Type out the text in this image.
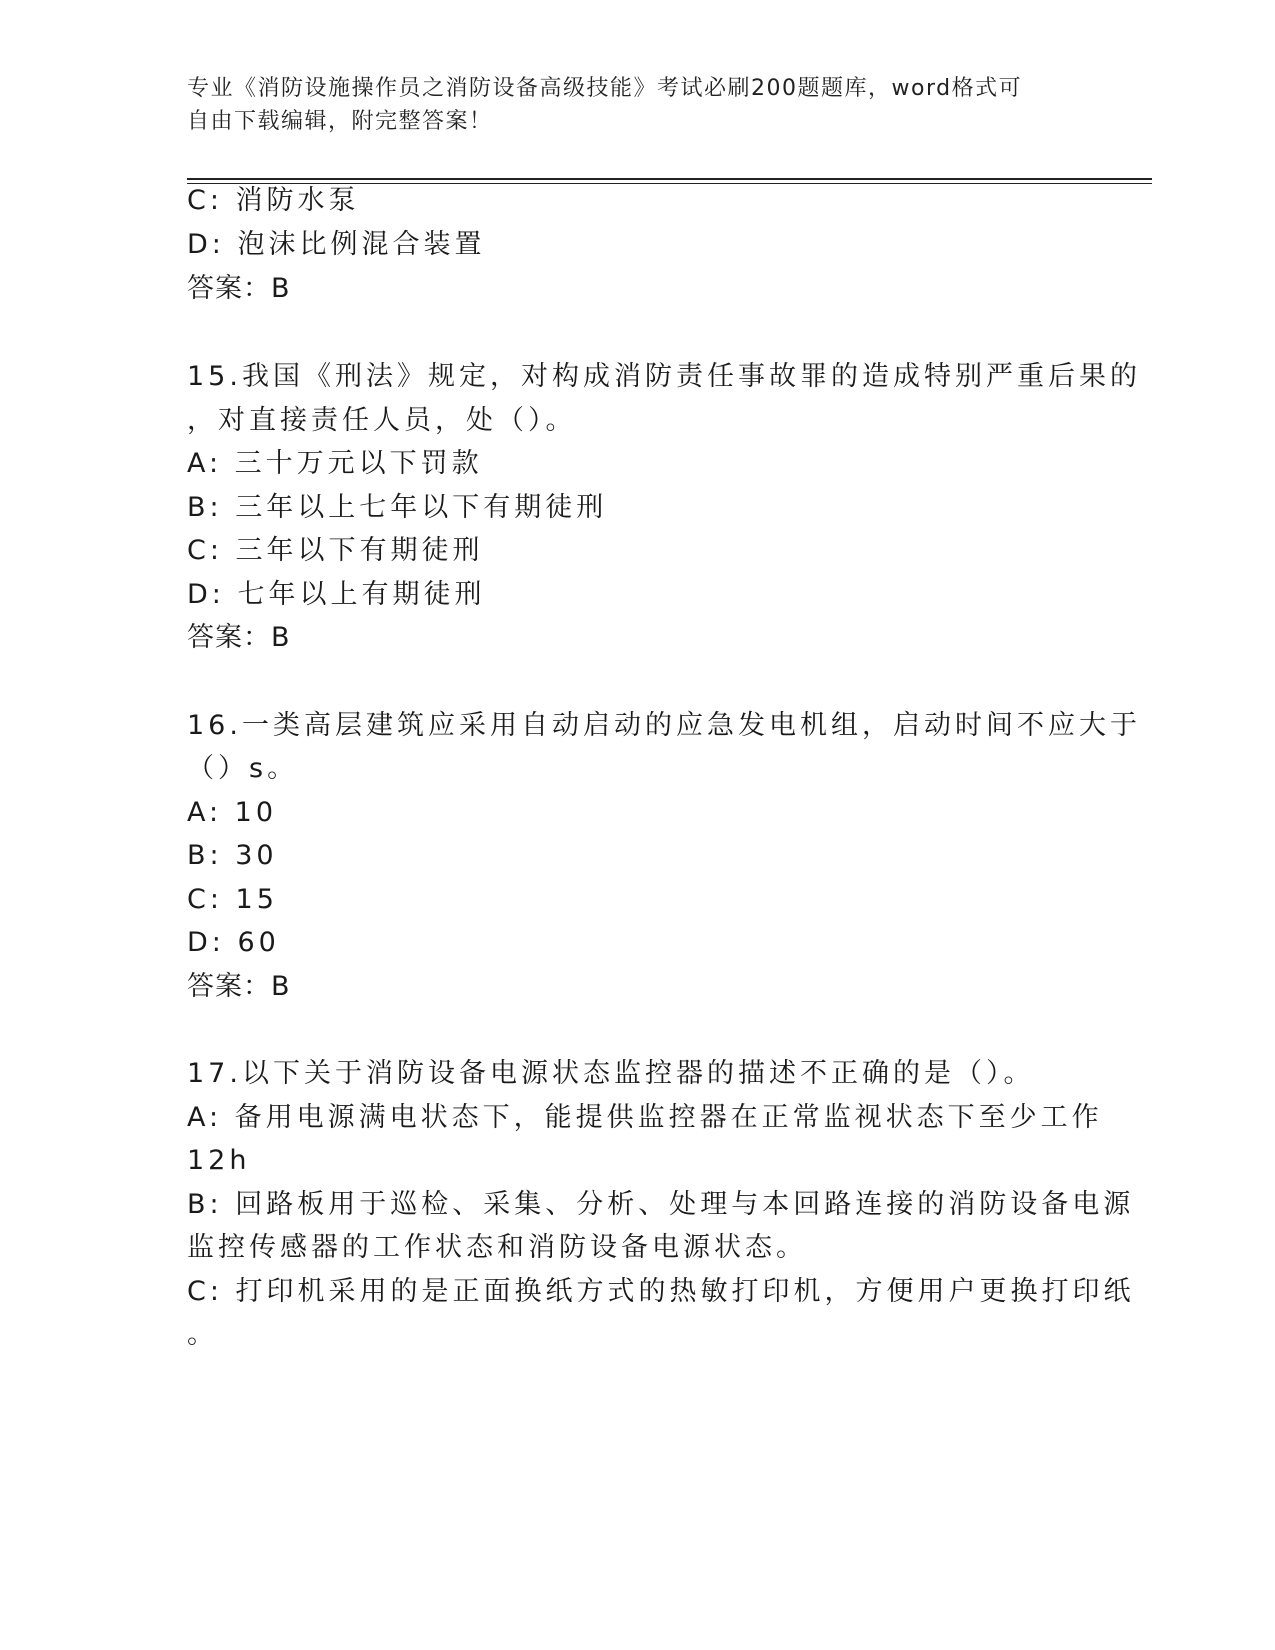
专业《消防设施操作员之消防设备高级技能》考试必刷200题题库，word格式可
自由下载编辑，附完整答案！
C: 消防水泵
D: 泡沫比例混合装置
答案：B
15.我国《刑法》规定，对构成消防责任事故罪的造成特别严重后果的
，对直接责任人员，处（）。
A: 三十万元以下罚款
B: 三年以上七年以下有期徒刑
C: 三年以下有期徒刑
D: 七年以上有期徒刑
答案：B
16.一类高层建筑应采用自动启动的应急发电机组，启动时间不应大于
（）s。
A: 10
B: 30
C: 15
D: 60
答案：B
17.以下关于消防设备电源状态监控器的描述不正确的是（）。
A: 备用电源满电状态下，能提供监控器在正常监视状态下至少工作
12h
B: 回路板用于巡检、采集、分析、处理与本回路连接的消防设备电源
监控传感器的工作状态和消防设备电源状态。
C: 打印机采用的是正面换纸方式的热敏打印机，方便用户更换打印纸
。
